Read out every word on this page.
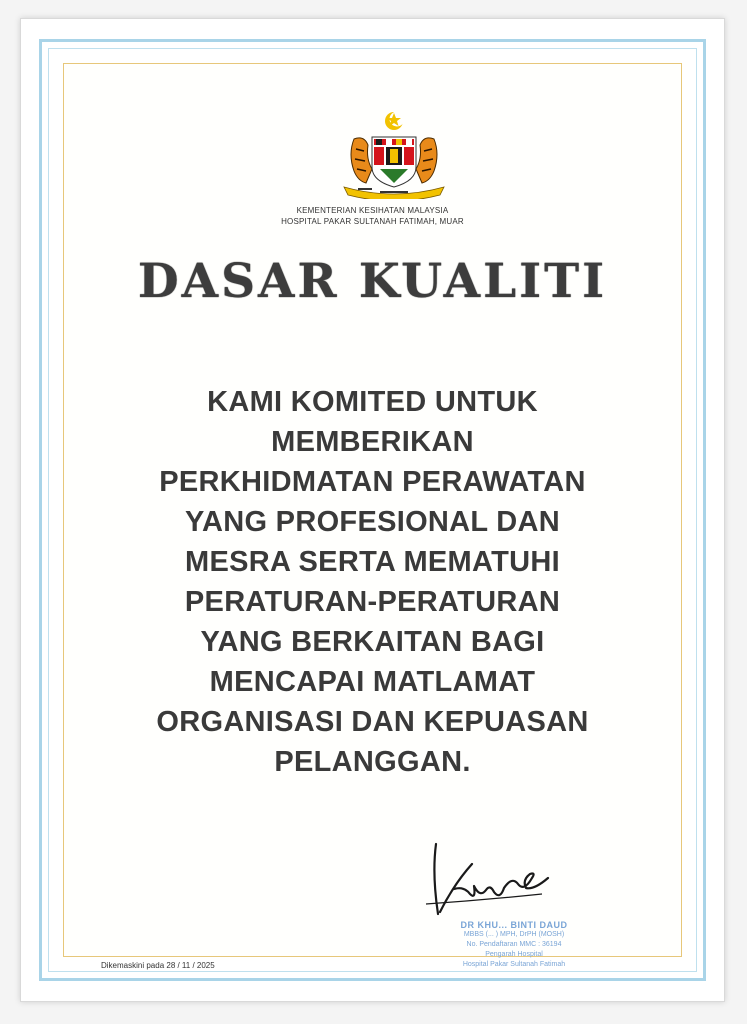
KEMENTERIAN KESIHATAN MALAYSIA
HOSPITAL PAKAR SULTANAH FATIMAH, MUAR
DASAR KUALITI
KAMI KOMITED UNTUK
MEMBERIKAN
PERKHIDMATAN PERAWATAN
YANG PROFESIONAL DAN
MESRA SERTA MEMATUHI
PERATURAN-PERATURAN
YANG BERKAITAN BAGI
MENCAPAI MATLAMAT
ORGANISASI DAN KEPUASAN
PELANGGAN.
DR KHU... BINTI DAUD
MBBS (... ) MPH, DrPH (MOSH)
No. Pendaftaran MMC : 36194
Pengarah Hospital
Hospital Pakar Sultanah Fatimah
Dikemaskini pada 28 / 11 / 2025
